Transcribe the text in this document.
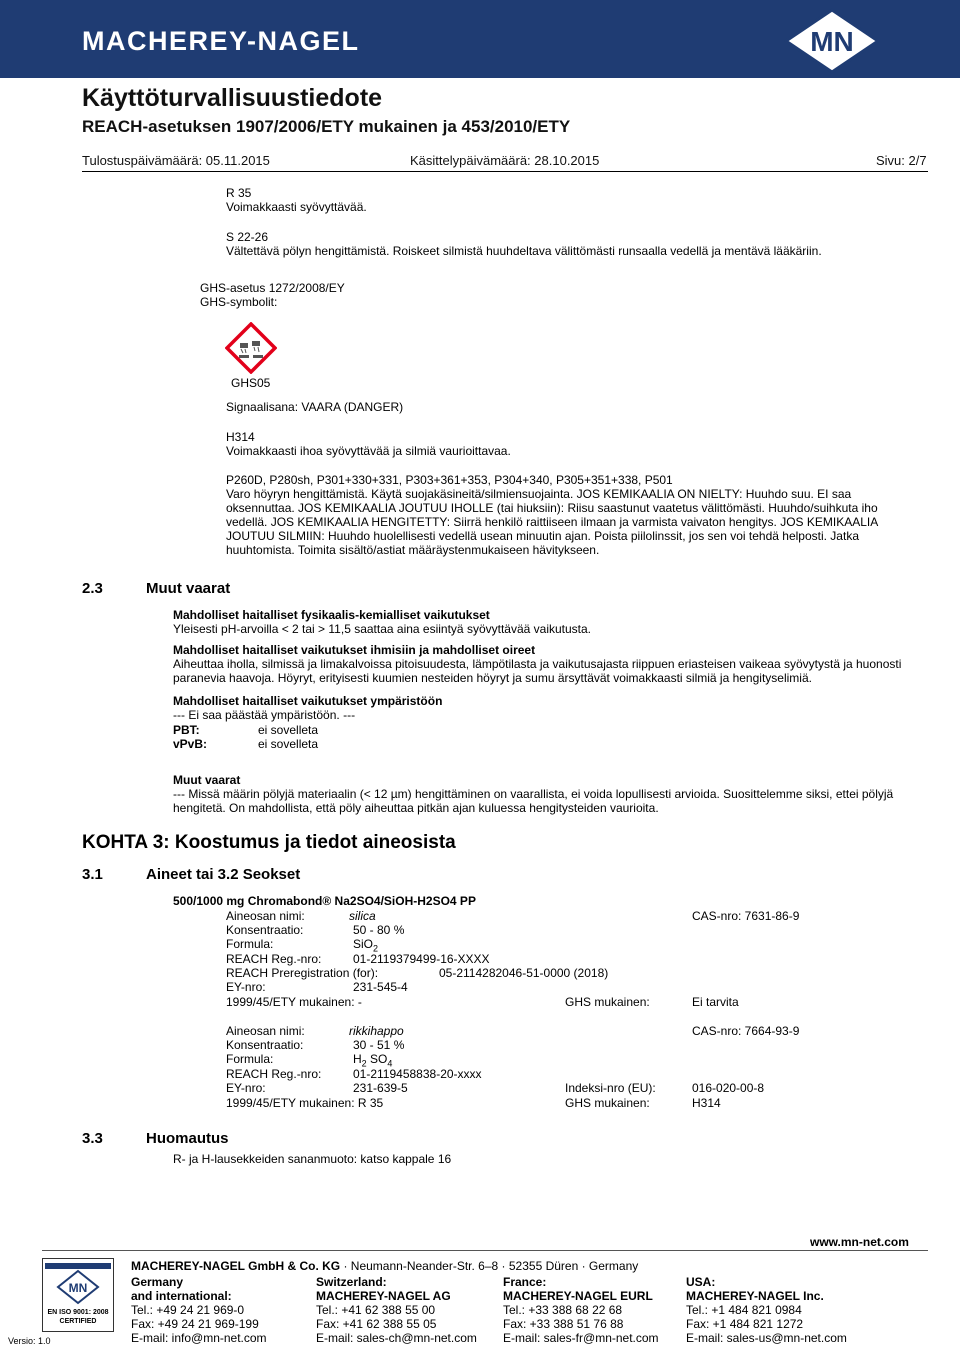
MACHEREY-NAGEL	MN
Käyttöturvallisuustiedote
REACH-asetuksen 1907/2006/ETY mukainen ja 453/2010/ETY
Tulostuspäivämäärä: 05.11.2015	Käsittelypäivämäärä: 28.10.2015	Sivu: 2/7
R 35
Voimakkaasti syövyttävää.
S 22-26
Vältettävä pölyn hengittämistä. Roiskeet silmistä huuhdeltava välittömästi runsaalla vedellä ja mentävä lääkäriin.
GHS-asetus 1272/2008/EY
GHS-symbolit:
GHS05
Signaalisana: VAARA (DANGER)
H314
Voimakkaasti ihoa syövyttävää ja silmiä vaurioittavaa.
P260D, P280sh, P301+330+331, P303+361+353, P304+340, P305+351+338, P501
Varo höyryn hengittämistä. Käytä suojakäsineitä/silmiensuojainta. JOS KEMIKAALIA ON NIELTY: Huuhdo suu. EI saa oksennuttaa. JOS KEMIKAALIA JOUTUU IHOLLE (tai hiuksiin): Riisu saastunut vaatetus välittömästi. Huuhdo/suihkuta iho vedellä. JOS KEMIKAALIA HENGITETTY: Siirrä henkilö raittiiseen ilmaan ja varmista vaivaton hengitys. JOS KEMIKAALIA JOUTUU SILMIIN: Huuhdo huolellisesti vedellä usean minuutin ajan. Poista piilolinssit, jos sen voi tehdä helposti. Jatka huuhtomista. Toimita sisältö/astiat määräystenmukaiseen hävitykseen.
2.3	Muut vaarat
Mahdolliset haitalliset fysikaalis-kemialliset vaikutukset
Yleisesti pH-arvoilla < 2 tai > 11,5 saattaa aina esiintyä syövyttävää vaikutusta.
Mahdolliset haitalliset vaikutukset ihmisiin ja mahdolliset oireet
Aiheuttaa iholla, silmissä ja limakalvoissa pitoisuudesta, lämpötilasta ja vaikutusajasta riippuen eriasteisen vaikeaa syövytystä ja huonosti paranevia haavoja. Höyryt, erityisesti kuumien nesteiden höyryt ja sumu ärsyttävät voimakkaasti silmiä ja hengityselimiä.
Mahdolliset haitalliset vaikutukset ympäristöön
--- Ei saa päästää ympäristöön. ---
PBT:	ei sovelleta
vPvB:	ei sovelleta
Muut vaarat
--- Missä määrin pölyjä materiaalin (< 12 µm) hengittäminen on vaarallista, ei voida lopullisesti arvioida. Suosittelemme siksi, ettei pölyjä hengitetä. On mahdollista, että pöly aiheuttaa pitkän ajan kuluessa hengitysteiden vaurioita.
KOHTA 3: Koostumus ja tiedot aineosista
3.1	Aineet tai 3.2 Seokset
500/1000 mg Chromabond® Na2SO4/SiOH-H2SO4 PP
Aineosan nimi:	silica	CAS-nro: 7631-86-9
Konsentraatio:	50 - 80 %
Formula:	SiO$_2$
REACH Reg.-nro:	01-2119379499-16-XXXX
REACH Preregistration (for):	05-2114282046-51-0000 (2018)
EY-nro:	231-545-4
1999/45/ETY mukainen: -	GHS mukainen:	Ei tarvita
Aineosan nimi:	rikkihappo	CAS-nro: 7664-93-9
Konsentraatio:	30 - 51 %
Formula:	$H_2$ $SO_4$
REACH Reg.-nro:	01-2119458838-20-xxxx
EY-nro:	231-639-5	Indeksi-nro (EU):	016-020-00-8
1999/45/ETY mukainen: R 35	GHS mukainen:	H314
3.3	Huomautus
R- ja H-lausekkeiden sananmuoto: katso kappale 16
www.mn-net.com
MN
EN ISO 9001: 2008
CERTIFIED
Versio: 1.0
MACHEREY-NAGEL GmbH & Co. KG · Neumann-Neander-Str. 6–8 · 52355 Düren · Germany
Germany
and international:
Tel.: +49 24 21 969-0
Fax: +49 24 21 969-199
E-mail: info@mn-net.com
Switzerland:
MACHEREY-NAGEL AG
Tel.: +41 62 388 55 00
Fax: +41 62 388 55 05
E-mail: sales-ch@mn-net.com
France:
MACHEREY-NAGEL EURL
Tel.: +33 388 68 22 68
Fax: +33 388 51 76 88
E-mail: sales-fr@mn-net.com
USA:
MACHEREY-NAGEL Inc.
Tel.: +1 484 821 0984
Fax: +1 484 821 1272
E-mail: sales-us@mn-net.com
